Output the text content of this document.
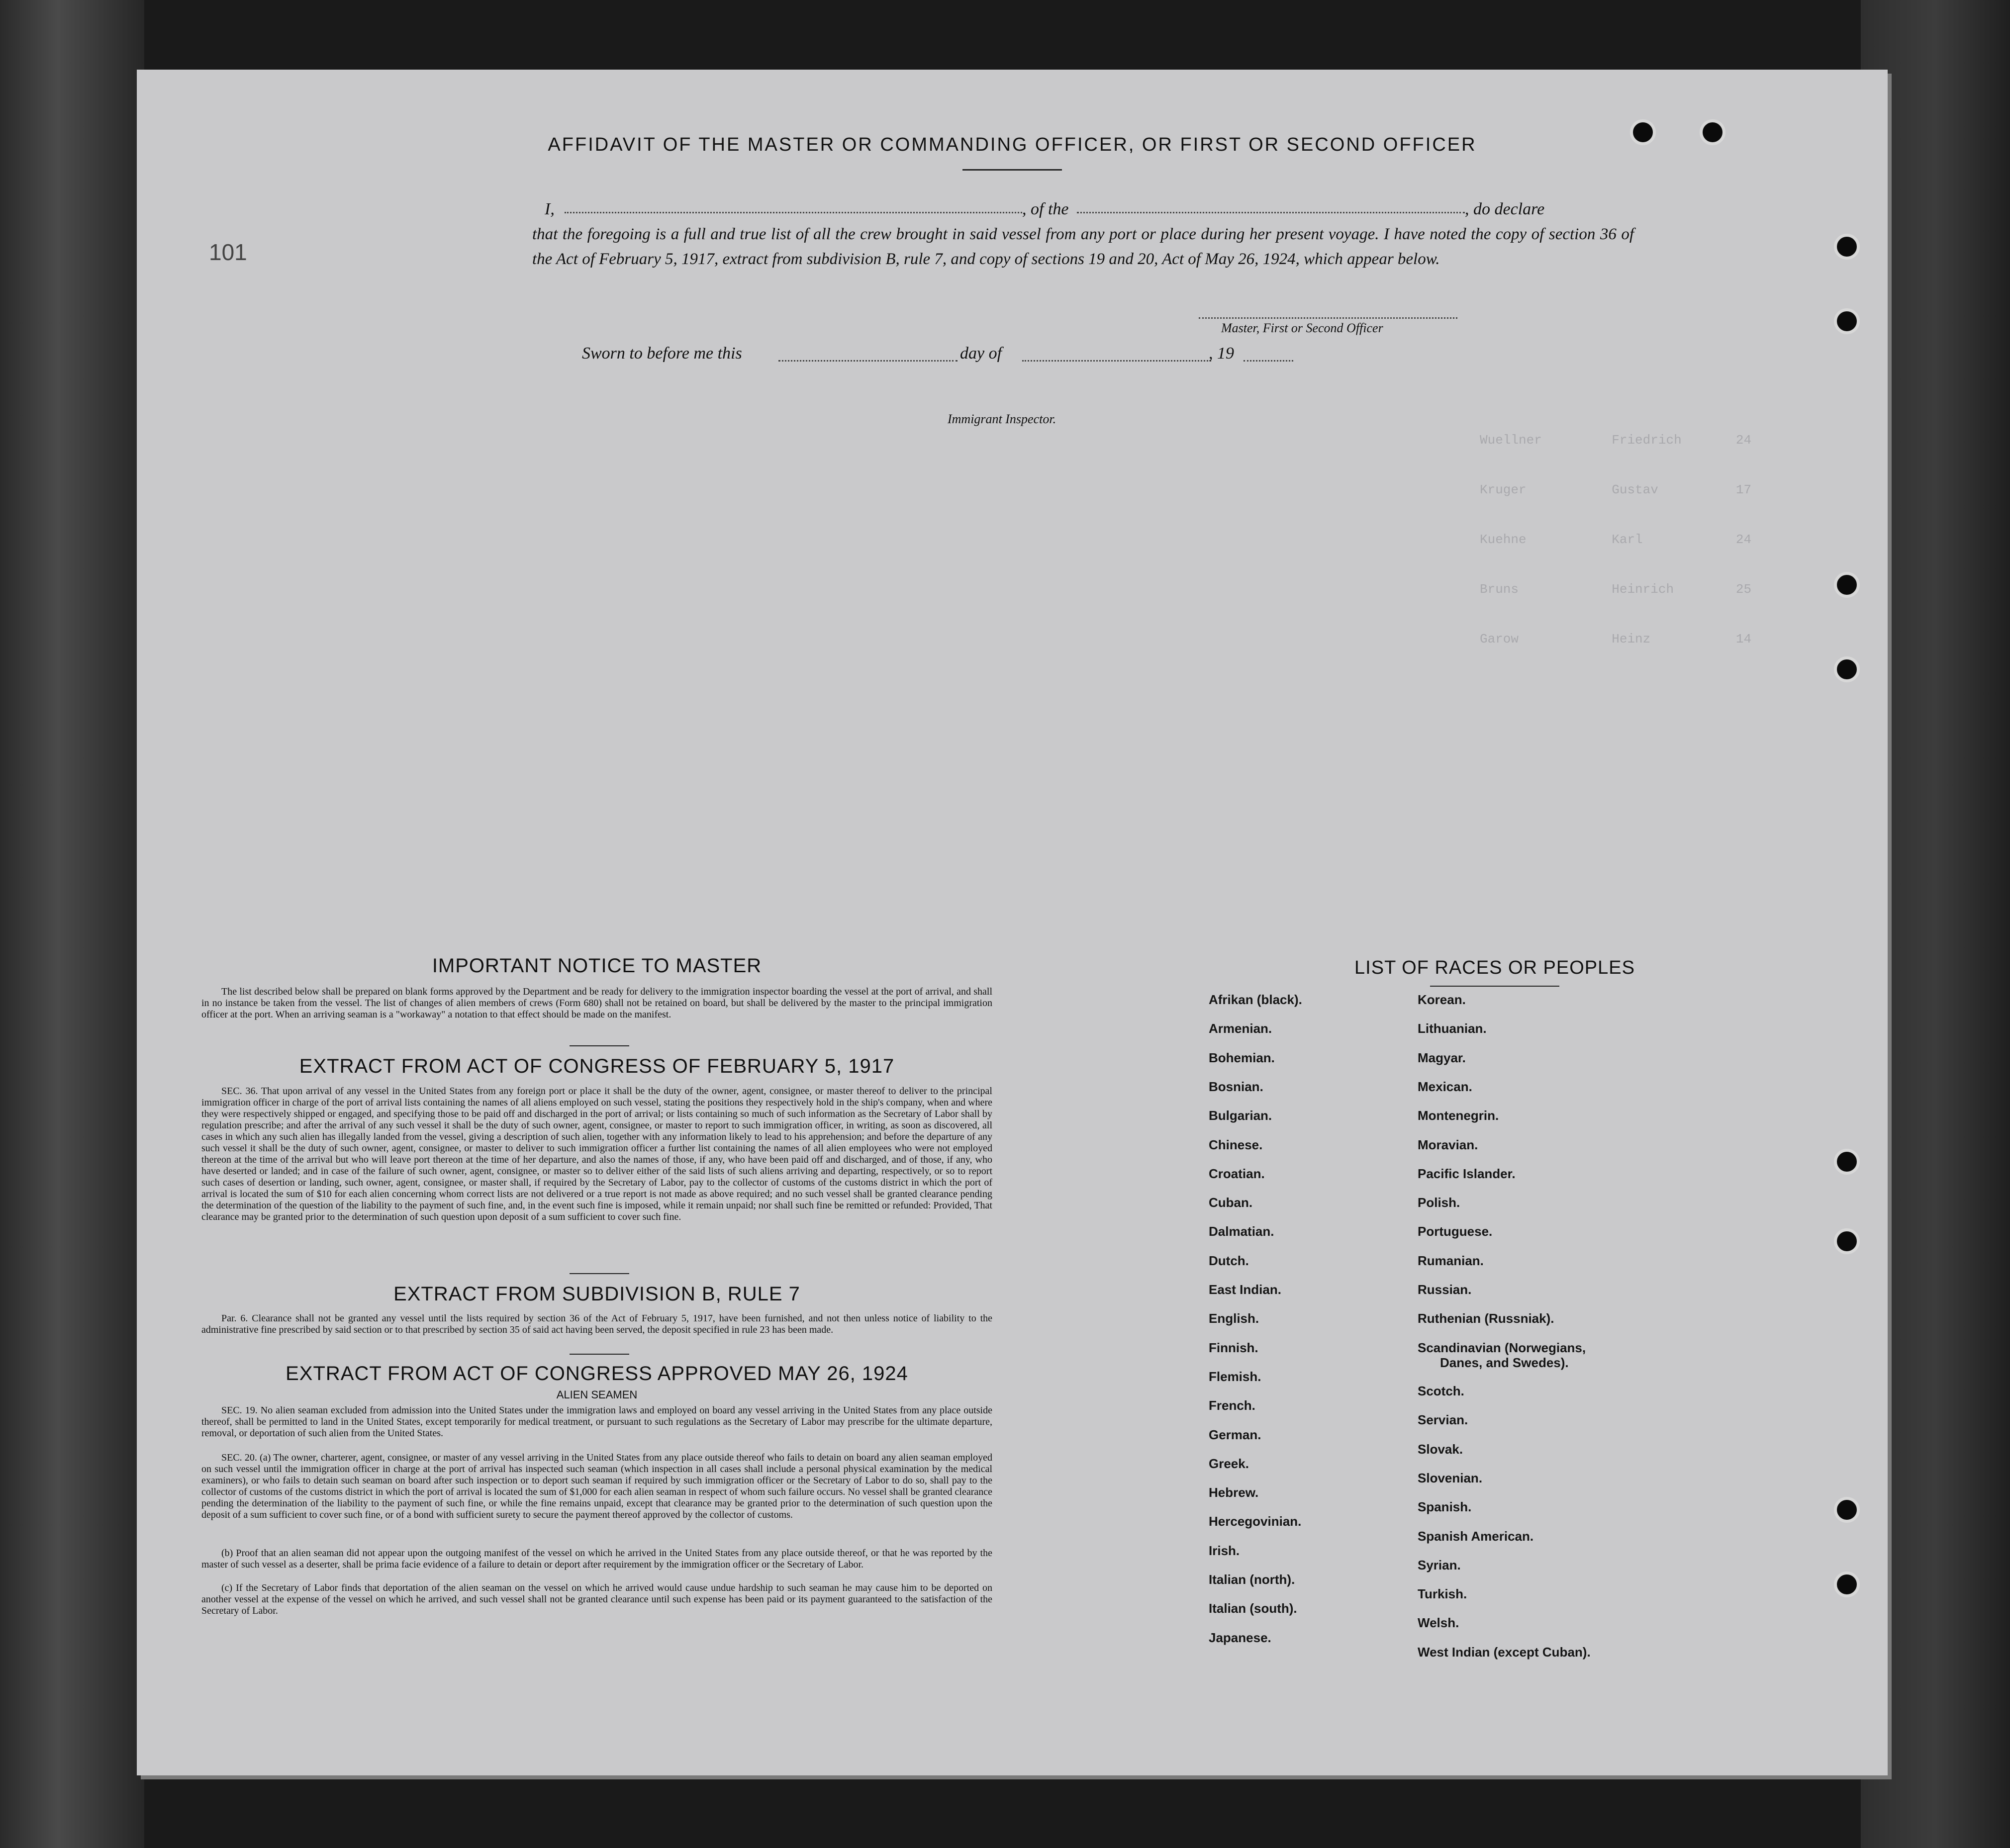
Wuellner         Friedrich       24
Kruger           Gustav          17
Kuehne           Karl            24
Bruns            Heinrich        25
Garow            Heinz           14
101
AFFIDAVIT OF THE MASTER OR COMMANDING OFFICER, OR FIRST OR SECOND OFFICER
I,	, of the	, do declare
that the foregoing is a full and true list of all the crew brought in said vessel from any port or place during her present voyage. I have noted the copy of section 36 of the Act of February 5, 1917, extract from subdivision B, rule 7, and copy of sections 19 and 20, Act of May 26, 1924, which appear below.
Master, First or Second Officer
Sworn to before me this	day of	, 19
Immigrant Inspector.
IMPORTANT NOTICE TO MASTER
The list described below shall be prepared on blank forms approved by the Department and be ready for delivery to the immigration inspector boarding the vessel at the port of arrival, and shall in no instance be taken from the vessel. The list of changes of alien members of crews (Form 680) shall not be retained on board, but shall be delivered by the master to the principal immigration officer at the port. When an arriving seaman is a "workaway" a notation to that effect should be made on the manifest.
EXTRACT FROM ACT OF CONGRESS OF FEBRUARY 5, 1917
SEC. 36. That upon arrival of any vessel in the United States from any foreign port or place it shall be the duty of the owner, agent, consignee, or master thereof to deliver to the principal immigration officer in charge of the port of arrival lists containing the names of all aliens employed on such vessel, stating the positions they respectively hold in the ship's company, when and where they were respectively shipped or engaged, and specifying those to be paid off and discharged in the port of arrival; or lists containing so much of such information as the Secretary of Labor shall by regulation prescribe; and after the arrival of any such vessel it shall be the duty of such owner, agent, consignee, or master to report to such immigration officer, in writing, as soon as discovered, all cases in which any such alien has illegally landed from the vessel, giving a description of such alien, together with any information likely to lead to his apprehension; and before the departure of any such vessel it shall be the duty of such owner, agent, consignee, or master to deliver to such immigration officer a further list containing the names of all alien employees who were not employed thereon at the time of the arrival but who will leave port thereon at the time of her departure, and also the names of those, if any, who have been paid off and discharged, and of those, if any, who have deserted or landed; and in case of the failure of such owner, agent, consignee, or master so to deliver either of the said lists of such aliens arriving and departing, respectively, or so to report such cases of desertion or landing, such owner, agent, consignee, or master shall, if required by the Secretary of Labor, pay to the collector of customs of the customs district in which the port of arrival is located the sum of $10 for each alien concerning whom correct lists are not delivered or a true report is not made as above required; and no such vessel shall be granted clearance pending the determination of the question of the liability to the payment of such fine, and, in the event such fine is imposed, while it remain unpaid; nor shall such fine be remitted or refunded: Provided, That clearance may be granted prior to the determination of such question upon deposit of a sum sufficient to cover such fine.
EXTRACT FROM SUBDIVISION B, RULE 7
Par. 6. Clearance shall not be granted any vessel until the lists required by section 36 of the Act of February 5, 1917, have been furnished, and not then unless notice of liability to the administrative fine prescribed by said section or to that prescribed by section 35 of said act having been served, the deposit specified in rule 23 has been made.
EXTRACT FROM ACT OF CONGRESS APPROVED MAY 26, 1924
ALIEN SEAMEN
SEC. 19. No alien seaman excluded from admission into the United States under the immigration laws and employed on board any vessel arriving in the United States from any place outside thereof, shall be permitted to land in the United States, except temporarily for medical treatment, or pursuant to such regulations as the Secretary of Labor may prescribe for the ultimate departure, removal, or deportation of such alien from the United States.
SEC. 20. (a) The owner, charterer, agent, consignee, or master of any vessel arriving in the United States from any place outside thereof who fails to detain on board any alien seaman employed on such vessel until the immigration officer in charge at the port of arrival has inspected such seaman (which inspection in all cases shall include a personal physical examination by the medical examiners), or who fails to detain such seaman on board after such inspection or to deport such seaman if required by such immigration officer or the Secretary of Labor to do so, shall pay to the collector of customs of the customs district in which the port of arrival is located the sum of $1,000 for each alien seaman in respect of whom such failure occurs. No vessel shall be granted clearance pending the determination of the liability to the payment of such fine, or while the fine remains unpaid, except that clearance may be granted prior to the determination of such question upon the deposit of a sum sufficient to cover such fine, or of a bond with sufficient surety to secure the payment thereof approved by the collector of customs.
(b) Proof that an alien seaman did not appear upon the outgoing manifest of the vessel on which he arrived in the United States from any place outside thereof, or that he was reported by the master of such vessel as a deserter, shall be prima facie evidence of a failure to detain or deport after requirement by the immigration officer or the Secretary of Labor.
(c) If the Secretary of Labor finds that deportation of the alien seaman on the vessel on which he arrived would cause undue hardship to such seaman he may cause him to be deported on another vessel at the expense of the vessel on which he arrived, and such vessel shall not be granted clearance until such expense has been paid or its payment guaranteed to the satisfaction of the Secretary of Labor.
LIST OF RACES OR PEOPLES
Afrikan (black).
Armenian.
Bohemian.
Bosnian.
Bulgarian.
Chinese.
Croatian.
Cuban.
Dalmatian.
Dutch.
East Indian.
English.
Finnish.
Flemish.
French.
German.
Greek.
Hebrew.
Hercegovinian.
Irish.
Italian (north).
Italian (south).
Japanese.
Korean.
Lithuanian.
Magyar.
Mexican.
Montenegrin.
Moravian.
Pacific Islander.
Polish.
Portuguese.
Rumanian.
Russian.
Ruthenian (Russniak).
Scandinavian (Norwegians,
Danes, and Swedes).
Scotch.
Servian.
Slovak.
Slovenian.
Spanish.
Spanish American.
Syrian.
Turkish.
Welsh.
West Indian (except Cuban).
